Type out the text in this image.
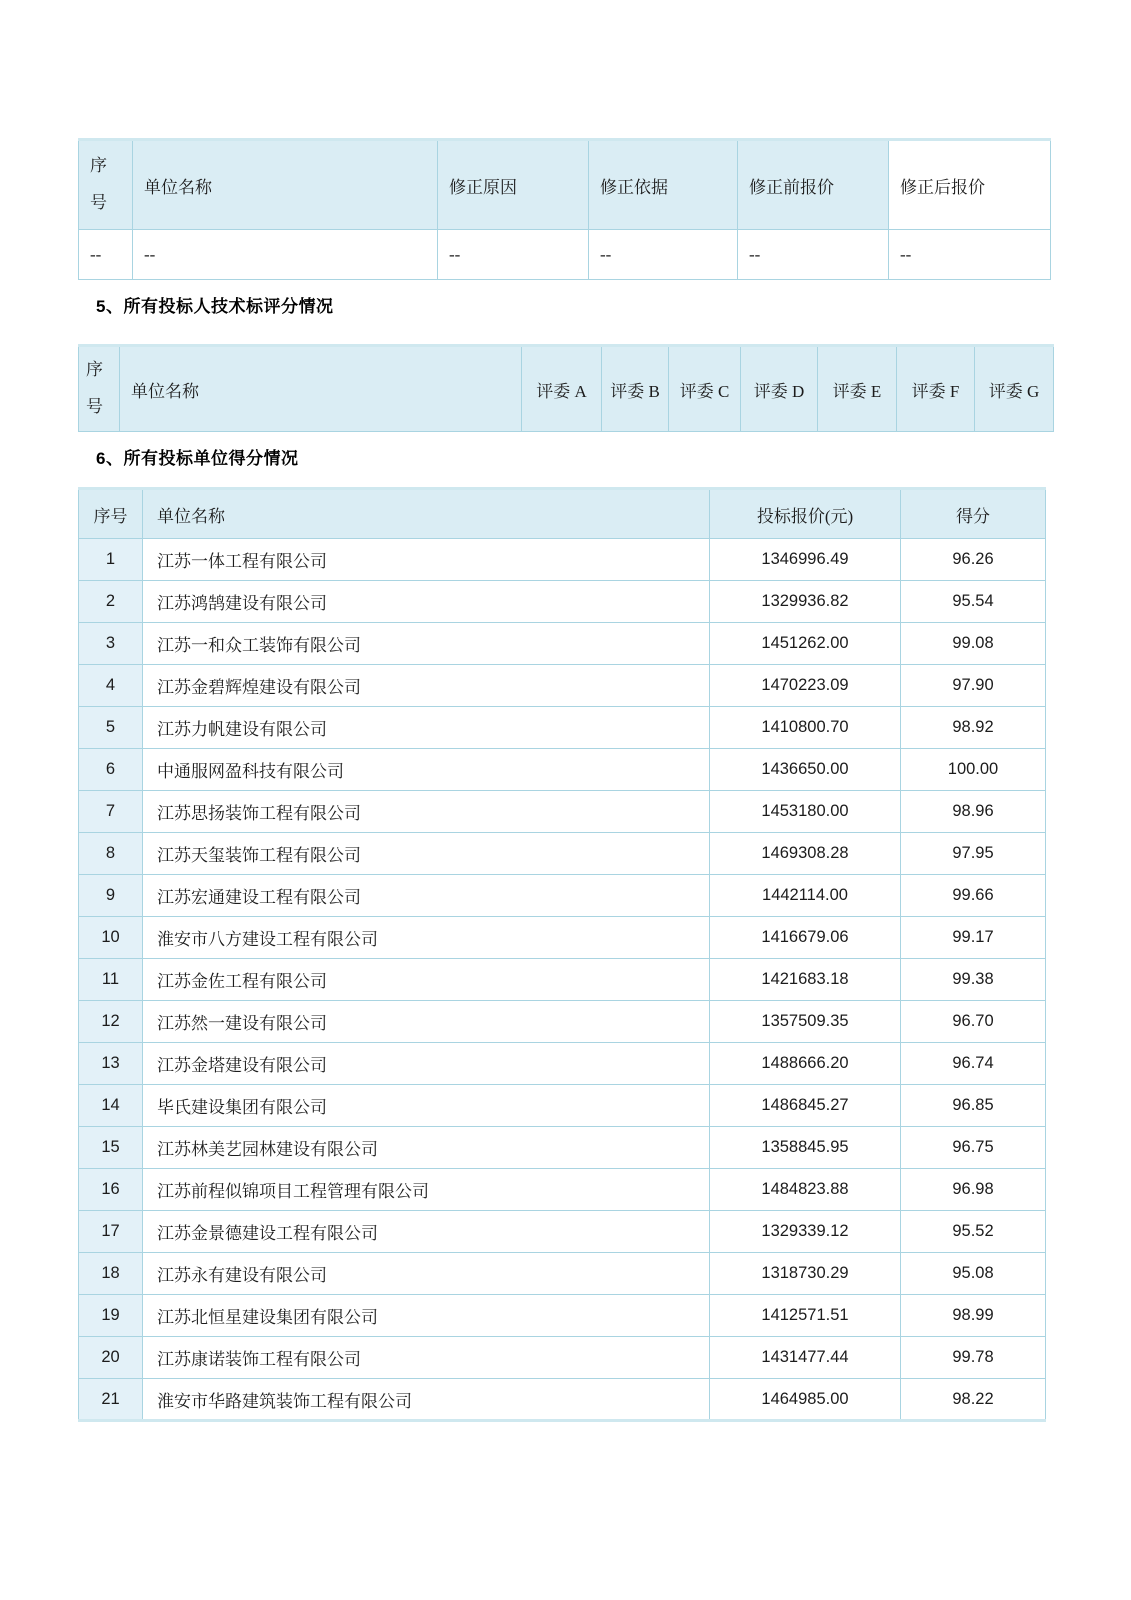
序号	单位名称	修正原因	修正依据	修正前报价	修正后报价
--	--	--	--	--	--
5、所有投标人技术标评分情况
序号	单位名称	评委 A	评委 B	评委 C	评委 D	评委 E	评委 F	评委 G
6、所有投标单位得分情况
序号	单位名称	投标报价(元)	得分
1	江苏一体工程有限公司	1346996.49	96.26
2	江苏鸿鹄建设有限公司	1329936.82	95.54
3	江苏一和众工装饰有限公司	1451262.00	99.08
4	江苏金碧辉煌建设有限公司	1470223.09	97.90
5	江苏力帆建设有限公司	1410800.70	98.92
6	中通服网盈科技有限公司	1436650.00	100.00
7	江苏思扬装饰工程有限公司	1453180.00	98.96
8	江苏天玺装饰工程有限公司	1469308.28	97.95
9	江苏宏通建设工程有限公司	1442114.00	99.66
10	淮安市八方建设工程有限公司	1416679.06	99.17
11	江苏金佐工程有限公司	1421683.18	99.38
12	江苏然一建设有限公司	1357509.35	96.70
13	江苏金塔建设有限公司	1488666.20	96.74
14	毕氏建设集团有限公司	1486845.27	96.85
15	江苏林美艺园林建设有限公司	1358845.95	96.75
16	江苏前程似锦项目工程管理有限公司	1484823.88	96.98
17	江苏金景德建设工程有限公司	1329339.12	95.52
18	江苏永有建设有限公司	1318730.29	95.08
19	江苏北恒星建设集团有限公司	1412571.51	98.99
20	江苏康诺装饰工程有限公司	1431477.44	99.78
21	淮安市华路建筑装饰工程有限公司	1464985.00	98.22
